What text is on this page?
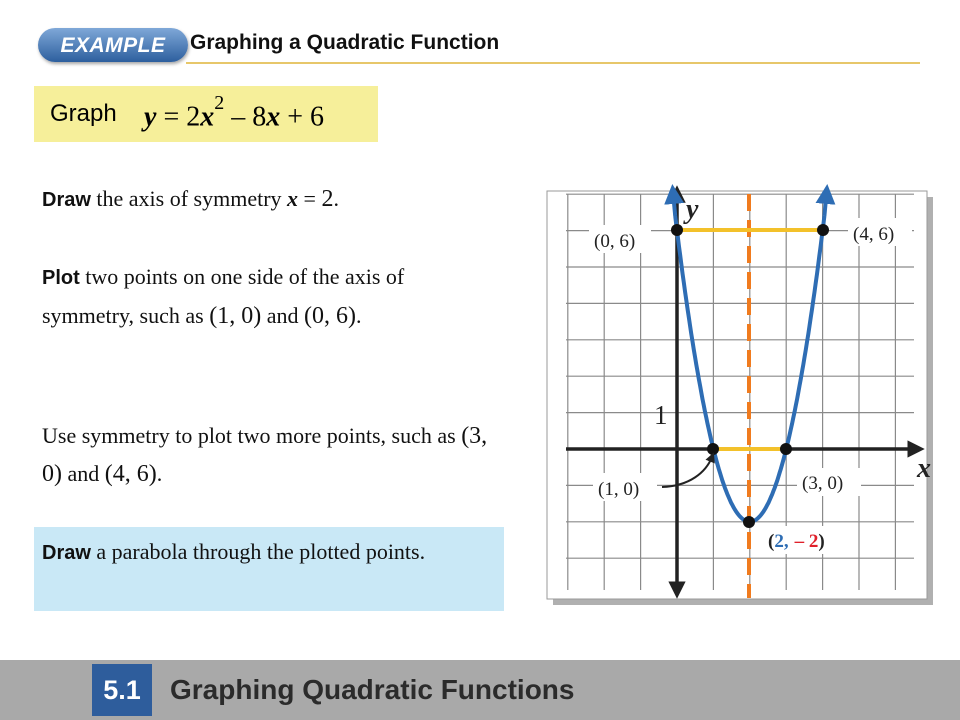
EXAMPLE	Graphing a Quadratic Function
Graph $y = 2x^2 - 8x + 6$
Draw the axis of symmetry x = 2.
Plot two points on one side of the axis of symmetry, such as (1, 0) and (0, 6).
Use symmetry to plot two more points, such as (3, 0) and (4, 6).
Draw a parabola through the plotted points.
x
y
1
(0, 6)	(4, 6)
(1, 0)	(3, 0)
(2, – 2)
5.1	Graphing Quadratic Functions
